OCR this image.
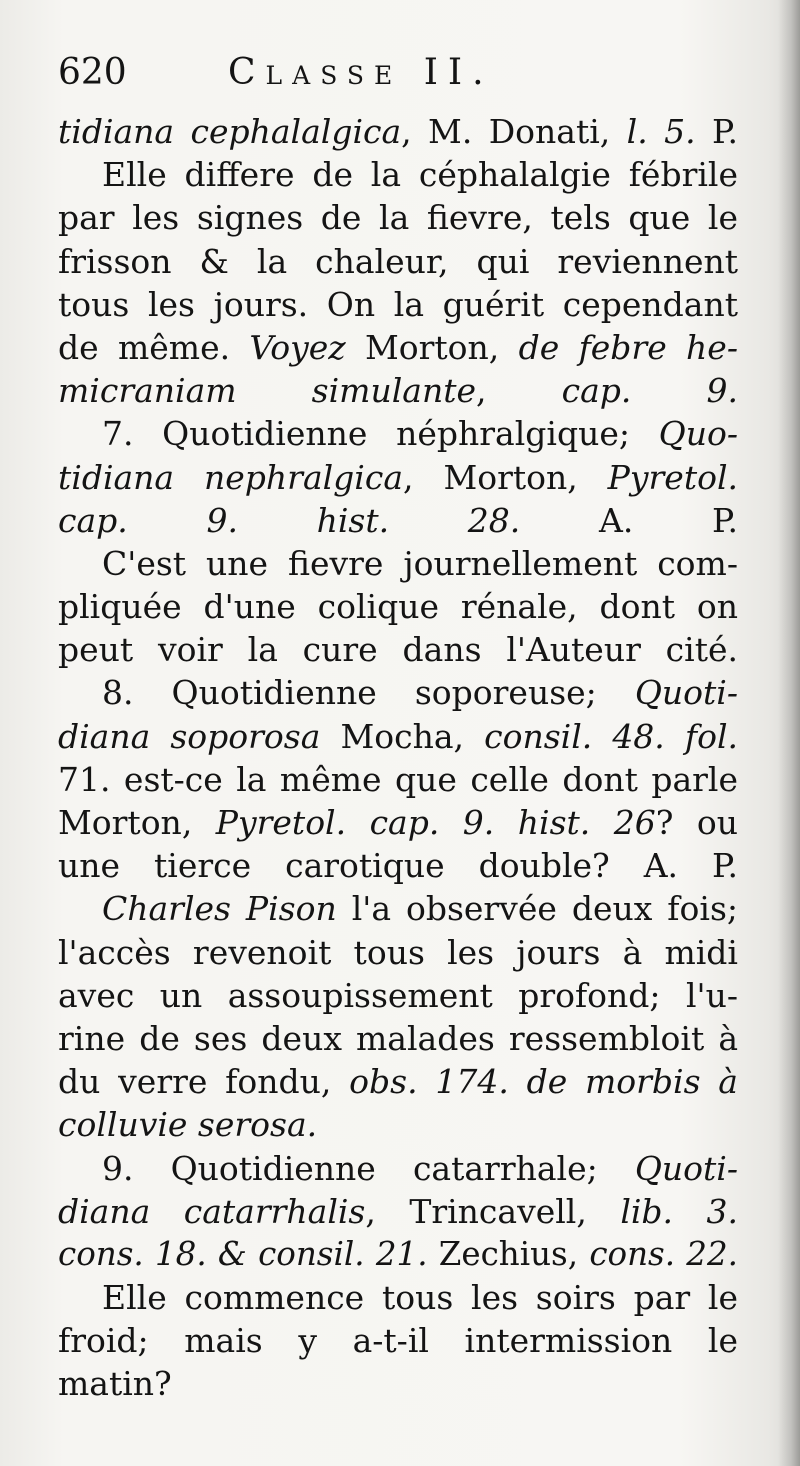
620	Classe II.
tidiana cephalalgica, M. Donati, l. 5. P.
Elle differe de la céphalalgie fébrile
par les signes de la fievre, tels que le
frisson & la chaleur, qui reviennent
tous les jours. On la guérit cependant
de même. Voyez Morton, de febre he-
micraniam simulante, cap. 9.
7. Quotidienne néphralgique; Quo-
tidiana nephralgica, Morton, Pyretol.
cap. 9. hist. 28. A. P.
C'est une fievre journellement com-
pliquée d'une colique rénale, dont on
peut voir la cure dans l'Auteur cité.
8. Quotidienne soporeuse; Quoti-
diana soporosa Mocha, consil. 48. fol.
71. est-ce la même que celle dont parle
Morton, Pyretol. cap. 9. hist. 26? ou
une tierce carotique double? A. P.
Charles Pison l'a observée deux fois;
l'accès revenoit tous les jours à midi
avec un assoupissement profond; l'u-
rine de ses deux malades ressembloit à
du verre fondu, obs. 174. de morbis à
colluvie serosa.
9. Quotidienne catarrhale; Quoti-
diana catarrhalis, Trincavell, lib. 3.
cons. 18. & consil. 21. Zechius, cons. 22.
Elle commence tous les soirs par le
froid; mais y a-t-il intermission le
matin?
